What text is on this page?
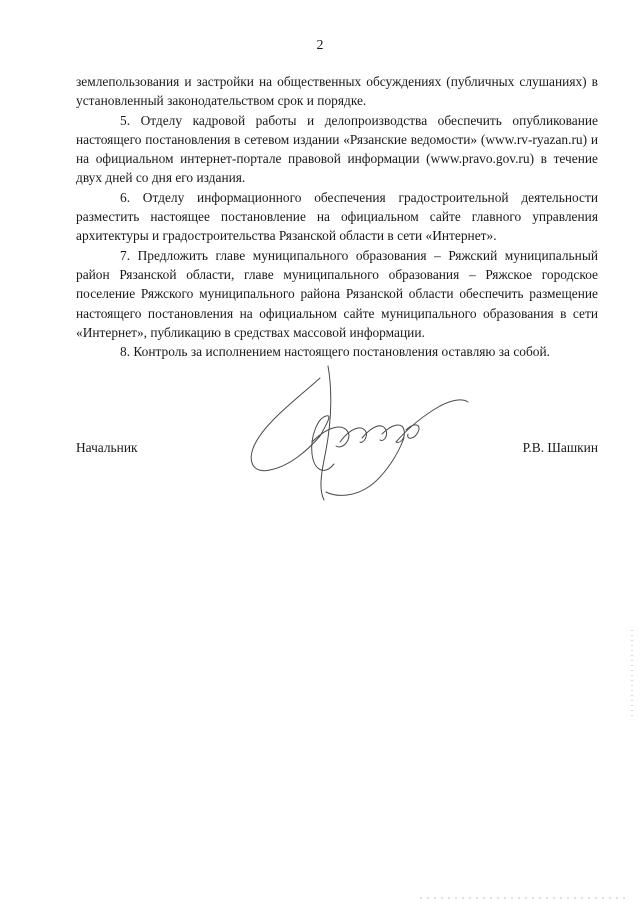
2

землепользования и застройки на общественных обсуждениях (публичных слушаниях) в установленный законодательством срок и порядке.

5. Отделу кадровой работы и делопроизводства обеспечить опубликование настоящего постановления в сетевом издании «Рязанские ведомости» (www.rv-ryazan.ru) и на официальном интернет-портале правовой информации (www.pravo.gov.ru) в течение двух дней со дня его издания.

6. Отделу информационного обеспечения градостроительной деятельности разместить настоящее постановление на официальном сайте главного управления архитектуры и градостроительства Рязанской области в сети «Интернет».

7. Предложить главе муниципального образования – Ряжский муниципальный район Рязанской области, главе муниципального образования – Ряжское городское поселение Ряжского муниципального района Рязанской области обеспечить размещение настоящего постановления на официальном сайте муниципального образования в сети «Интернет», публикацию в средствах массовой информации.

8. Контроль за исполнением настоящего постановления оставляю за собой.

Начальник	Р.В. Шашкин
